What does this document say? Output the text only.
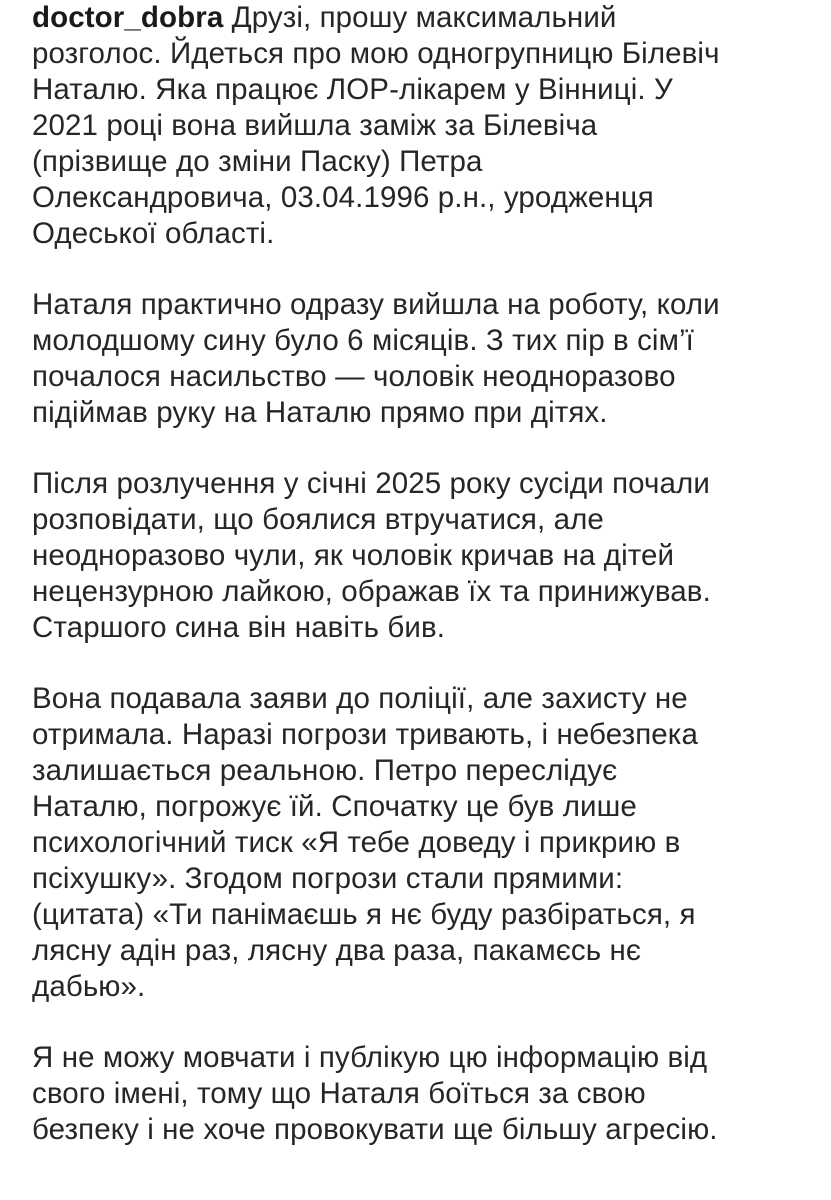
doctor_dobra Друзі, прошу максимальний
розголос. Йдеться про мою одногрупницю Білевіч
Наталю. Яка працює ЛОР-лікарем у Вінниці. У
2021 році вона вийшла заміж за Білевіча
(прізвище до зміни Паску) Петра
Олександровича, 03.04.1996 р.н., уродженця
Одеської області.
Наталя практично одразу вийшла на роботу, коли
молодшому сину було 6 місяців. З тих пір в сім’ї
почалося насильство — чоловік неодноразово
підіймав руку на Наталю прямо при дітях.
Після розлучення у січні 2025 року сусіди почали
розповідати, що боялися втручатися, але
неодноразово чули, як чоловік кричав на дітей
нецензурною лайкою, ображав їх та принижував.
Старшого сина він навіть бив.
Вона подавала заяви до поліції, але захисту не
отримала. Наразі погрози тривають, і небезпека
залишається реальною. Петро переслідує
Наталю, погрожує їй. Спочатку це був лише
психологічний тиск «Я тебе доведу і прикрию в
псіхушку». Згодом погрози стали прямими:
(цитата) «Ти панімаєшь я нє буду разбіраться, я
лясну адін раз, лясну два раза, пакамєсь нє
дабью».
Я не можу мовчати і публікую цю інформацію від
свого імені, тому що Наталя боїться за свою
безпеку і не хоче провокувати ще більшу агресію.
